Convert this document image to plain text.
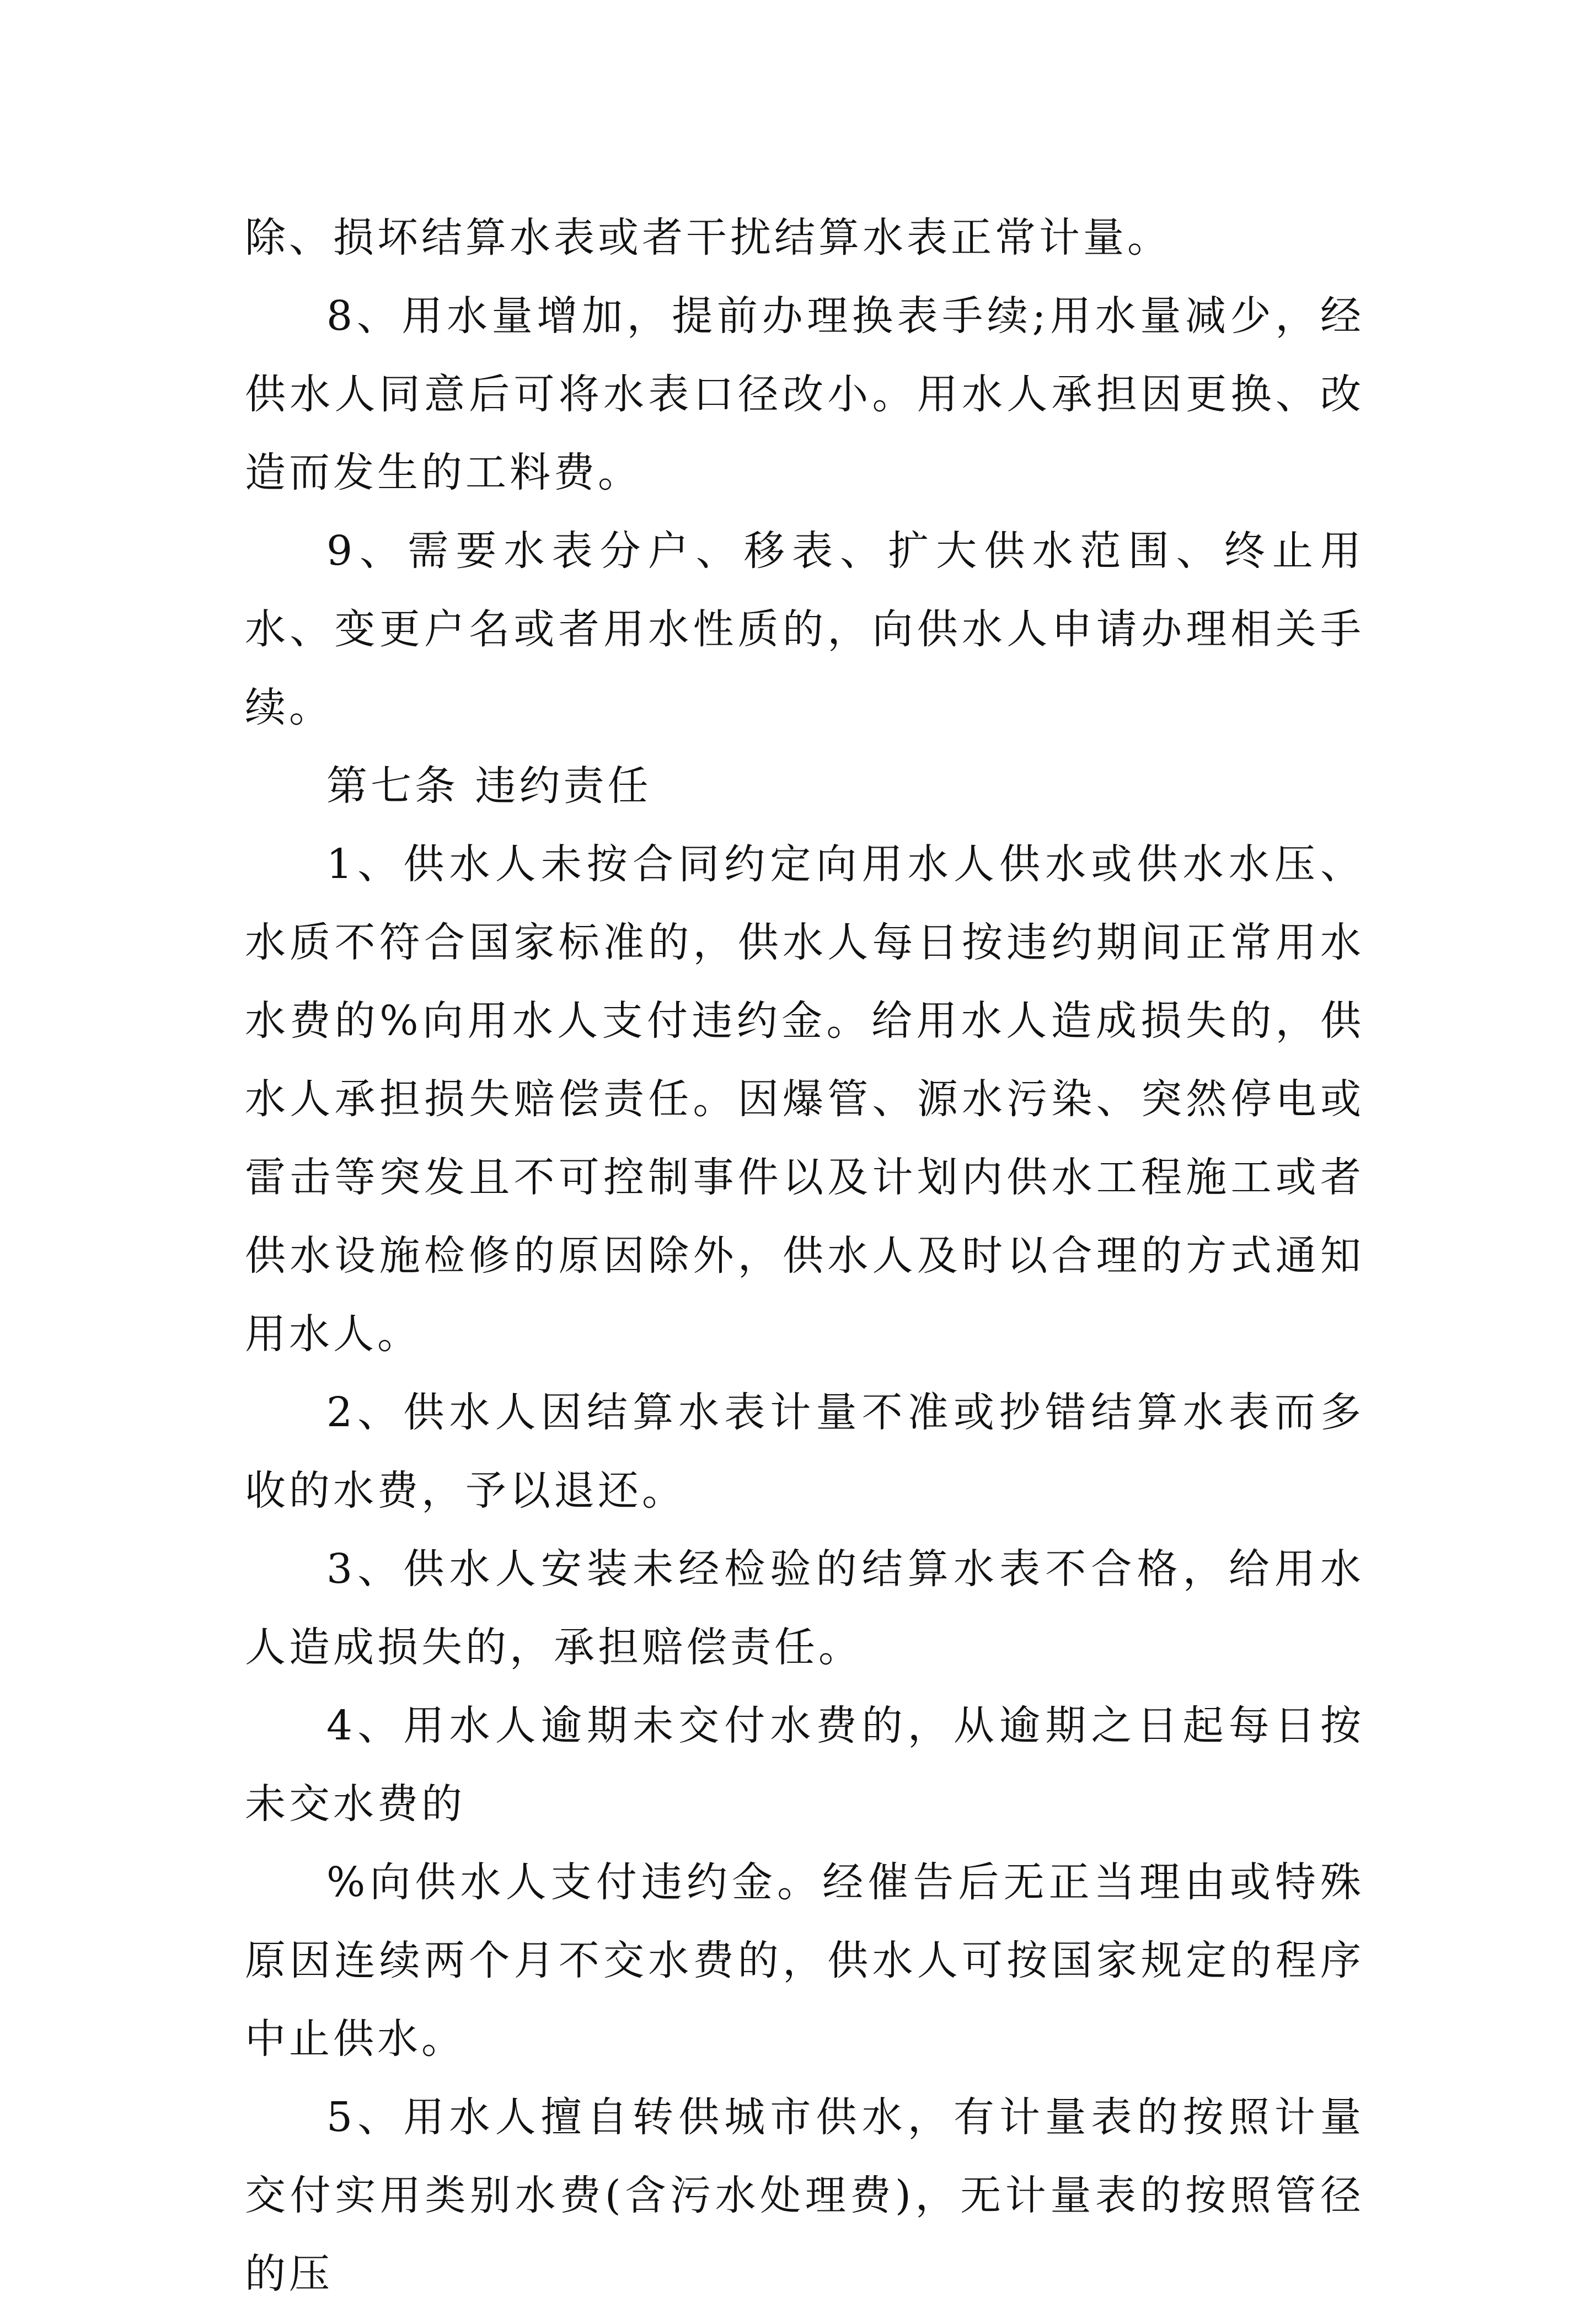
除、损坏结算水表或者干扰结算水表正常计量。

8、用水量增加，提前办理换表手续;用水量减少，经供水人同意后可将水表口径改小。用水人承担因更换、改造而发生的工料费。

9、需要水表分户、移表、扩大供水范围、终止用水、变更户名或者用水性质的，向供水人申请办理相关手续。

第七条 违约责任

1、供水人未按合同约定向用水人供水或供水水压、水质不符合国家标准的，供水人每日按违约期间正常用水水费的%向用水人支付违约金。给用水人造成损失的，供水人承担损失赔偿责任。因爆管、源水污染、突然停电或雷击等突发且不可控制事件以及计划内供水工程施工或者供水设施检修的原因除外，供水人及时以合理的方式通知用水人。

2、供水人因结算水表计量不准或抄错结算水表而多收的水费，予以退还。

3、供水人安装未经检验的结算水表不合格，给用水人造成损失的，承担赔偿责任。

4、用水人逾期未交付水费的，从逾期之日起每日按未交水费的

%向供水人支付违约金。经催告后无正当理由或特殊原因连续两个月不交水费的，供水人可按国家规定的程序中止供水。

5、用水人擅自转供城市供水，有计量表的按照计量交付实用类别水费(含污水处理费)，无计量表的按照管径的压
